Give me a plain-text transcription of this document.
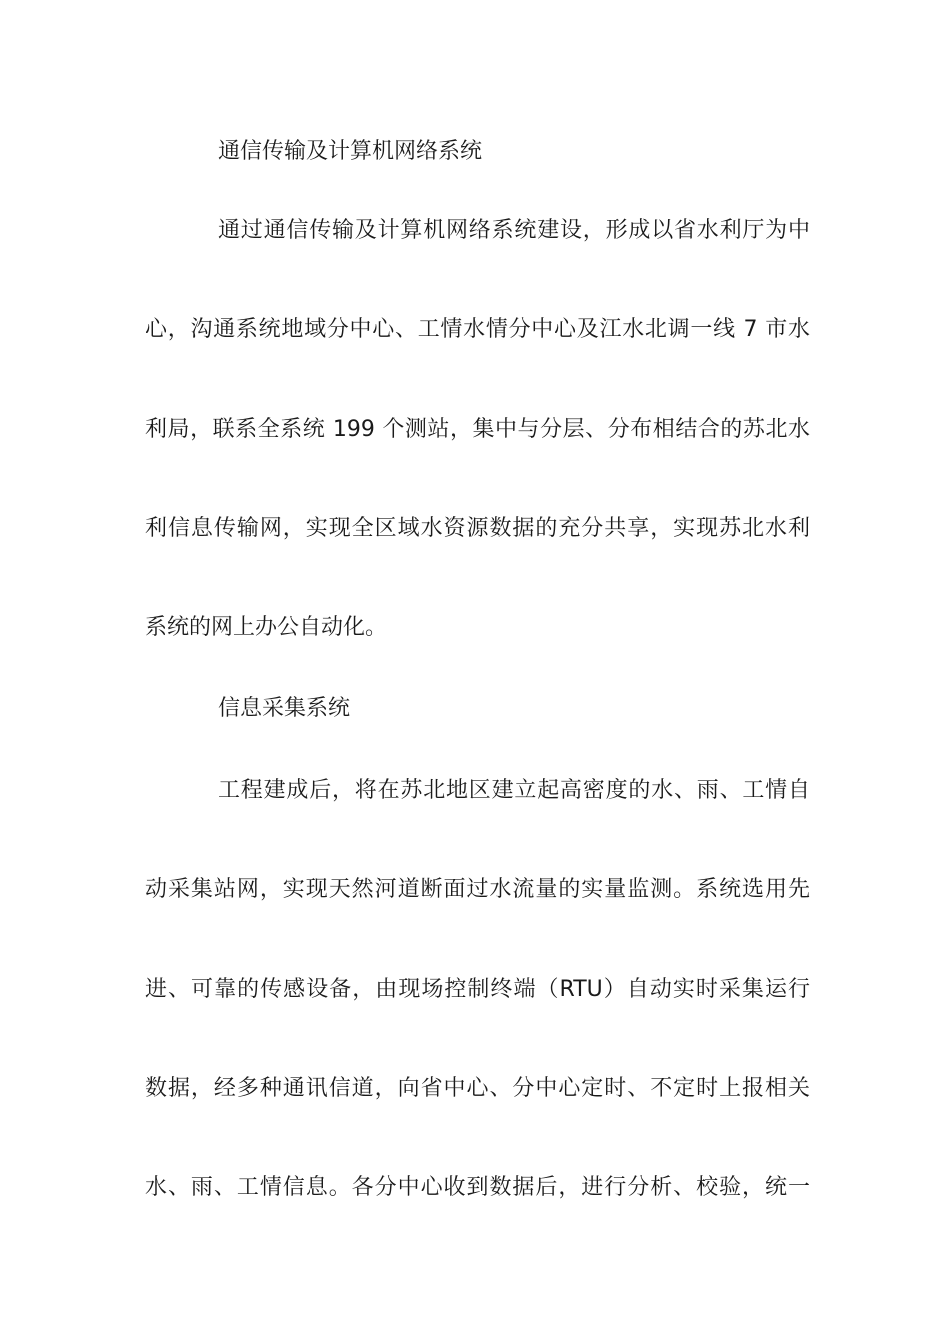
通信传输及计算机网络系统
通过通信传输及计算机网络系统建设，形成以省水利厅为中
心，沟通系统地域分中心、工情水情分中心及江水北调一线 7 市水
利局，联系全系统 199 个测站，集中与分层、分布相结合的苏北水
利信息传输网，实现全区域水资源数据的充分共享，实现苏北水利
系统的网上办公自动化。
信息采集系统
工程建成后，将在苏北地区建立起高密度的水、雨、工情自
动采集站网，实现天然河道断面过水流量的实量监测。系统选用先
进、可靠的传感设备，由现场控制终端（RTU）自动实时采集运行
数据，经多种通讯信道，向省中心、分中心定时、不定时上报相关
水、雨、工情信息。各分中心收到数据后，进行分析、校验，统一
